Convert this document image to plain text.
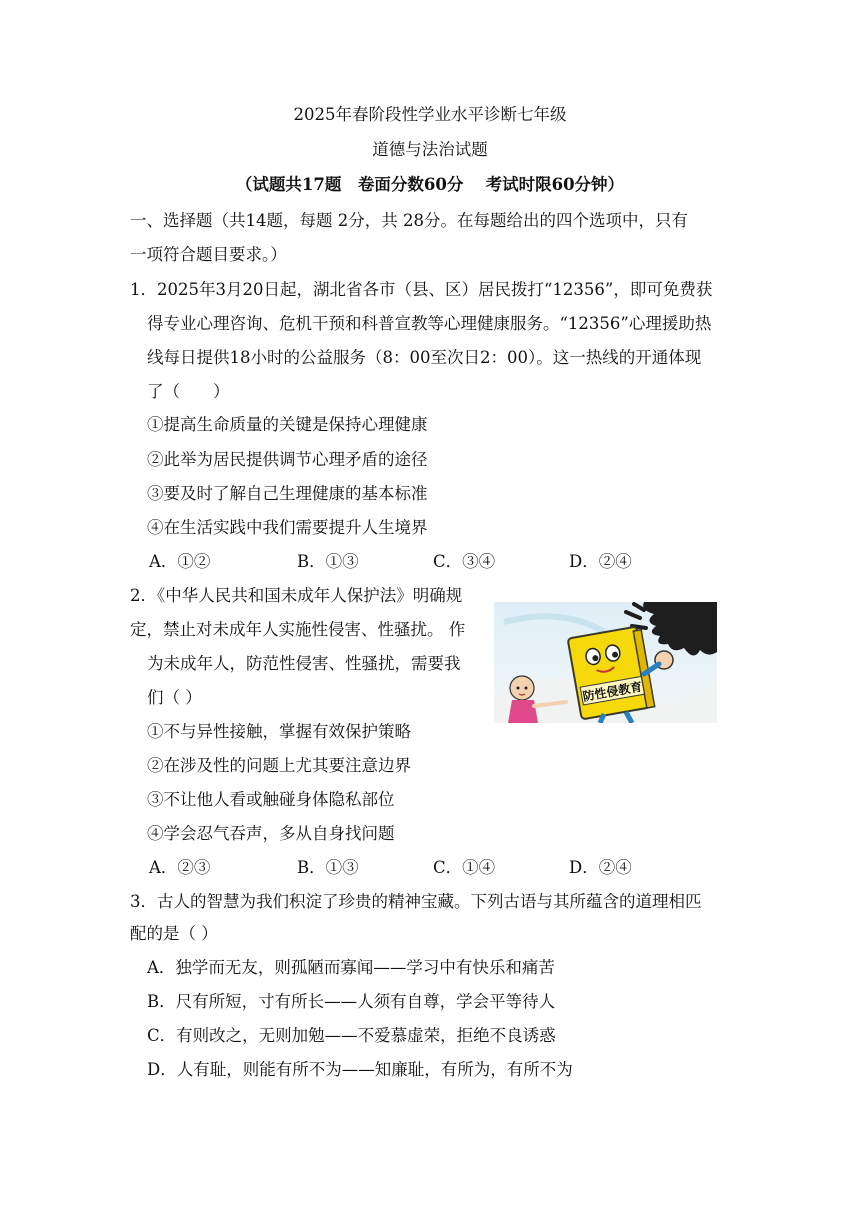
2025年春阶段性学业水平诊断七年级
道德与法治试题
（试题共17题　卷面分数60分　 考试时限60分钟）
一、选择题（共14题，每题 2分，共 28分。在每题给出的四个选项中，只有
一项符合题目要求。）
1．2025年3月20日起，湖北省各市（县、区）居民拨打“12356”，即可免费获
得专业心理咨询、危机干预和科普宣教等心理健康服务。“12356”心理援助热
线每日提供18小时的公益服务（8：00至次日2：00）。这一热线的开通体现
了（　　）
①提高生命质量的关键是保持心理健康
②此举为居民提供调节心理矛盾的途径
③要及时了解自己生理健康的基本标准
④在生活实践中我们需要提升人生境界
A．①②	B．①③	C．③④	D．②④
2．《中华人民共和国未成年人保护法》明确规
定，禁止对未成年人实施性侵害、性骚扰。 作
为未成年人，防范性侵害、性骚扰，需要我
们（ ）
①不与异性接触，掌握有效保护策略
②在涉及性的问题上尤其要注意边界
③不让他人看或触碰身体隐私部位
④学会忍气吞声，多从自身找问题
A．②③	B．①③	C．①④	D．②④
防性侵教育
3．古人的智慧为我们积淀了珍贵的精神宝藏。下列古语与其所蕴含的道理相匹
配的是（ ）
A．独学而无友，则孤陋而寡闻——学习中有快乐和痛苦
B．尺有所短，寸有所长——人须有自尊，学会平等待人
C．有则改之，无则加勉——不爱慕虚荣，拒绝不良诱惑
D．人有耻，则能有所不为——知廉耻，有所为，有所不为
